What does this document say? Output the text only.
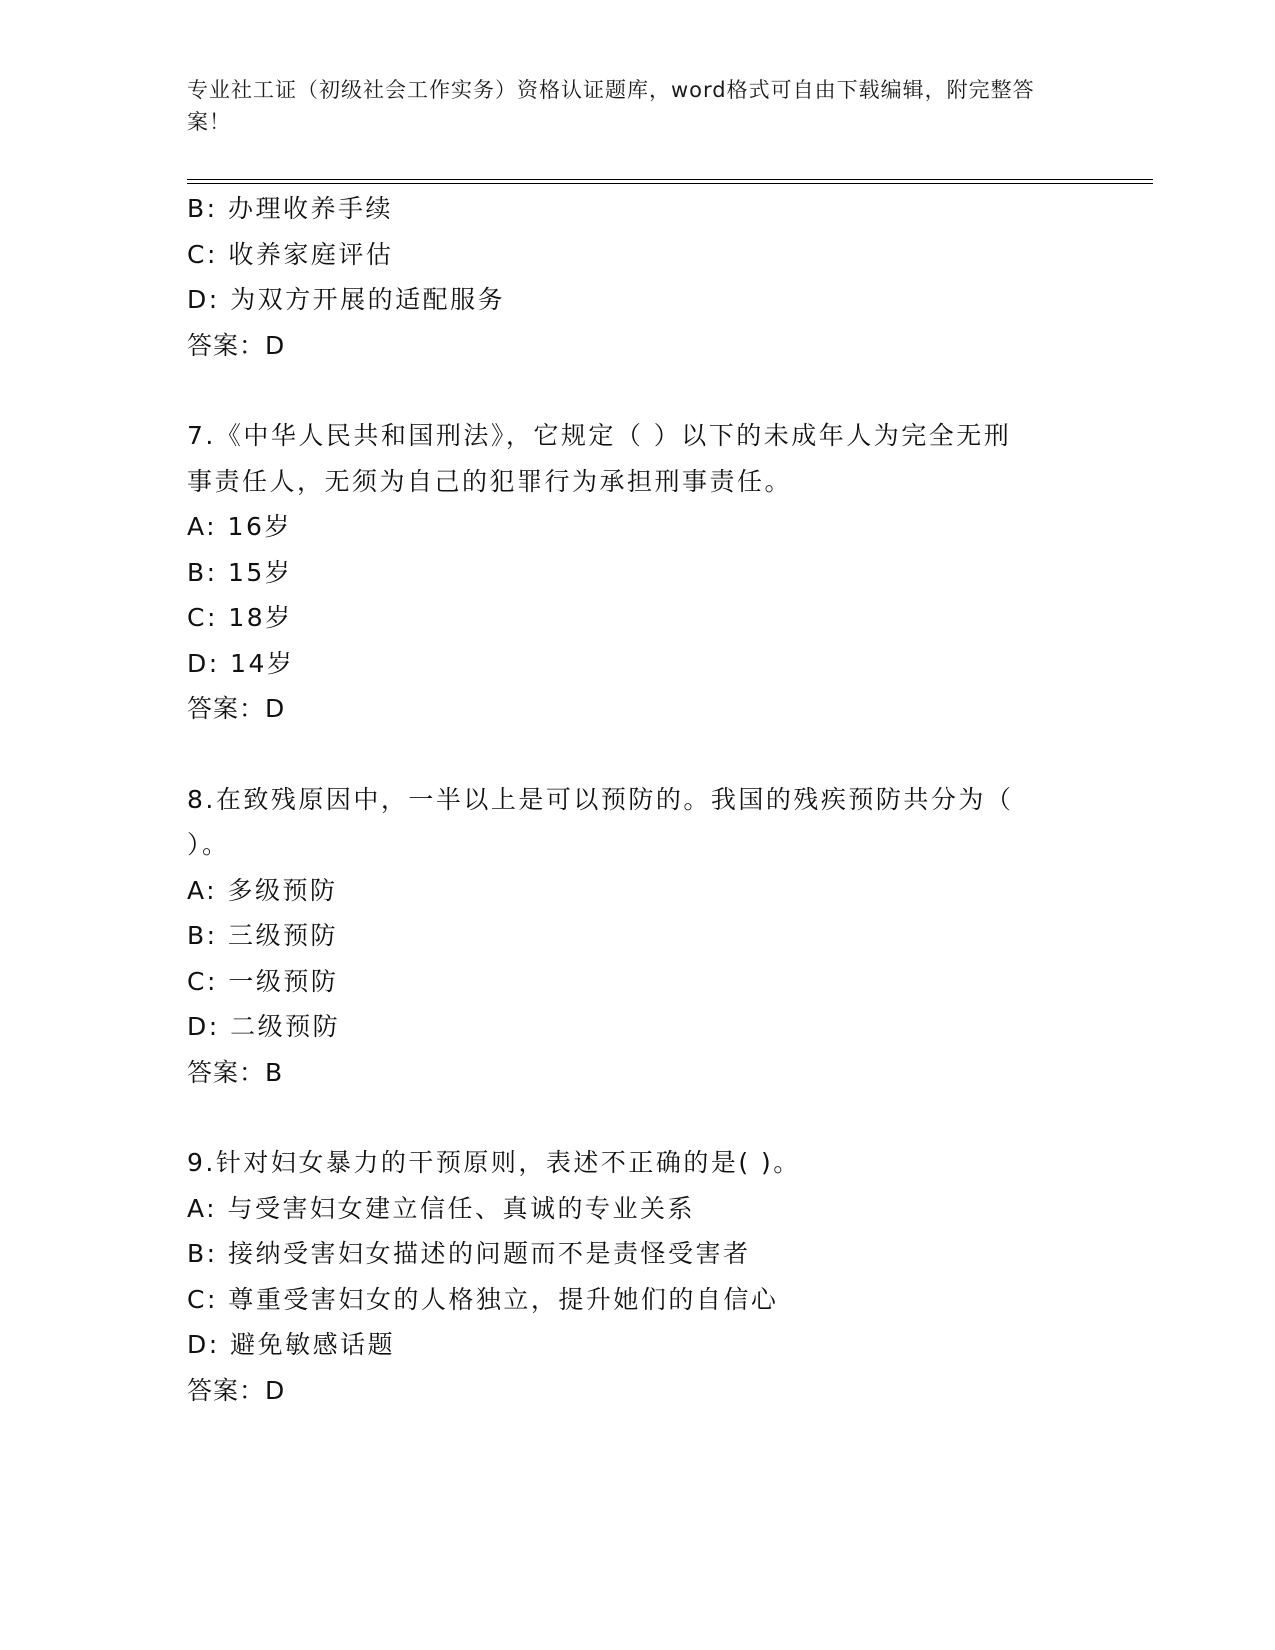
专业社工证（初级社会工作实务）资格认证题库，word格式可自由下载编辑，附完整答案！
B: 办理收养手续
C: 收养家庭评估
D: 为双方开展的适配服务
答案：D
7.《中华人民共和国刑法》，它规定（ ）以下的未成年人为完全无刑
事责任人，无须为自己的犯罪行为承担刑事责任。
A: 16岁
B: 15岁
C: 18岁
D: 14岁
答案：D
8.在致残原因中，一半以上是可以预防的。我国的残疾预防共分为（
）。
A: 多级预防
B: 三级预防
C: 一级预防
D: 二级预防
答案：B
9.针对妇女暴力的干预原则，表述不正确的是( )。
A: 与受害妇女建立信任、真诚的专业关系
B: 接纳受害妇女描述的问题而不是责怪受害者
C: 尊重受害妇女的人格独立，提升她们的自信心
D: 避免敏感话题
答案：D
